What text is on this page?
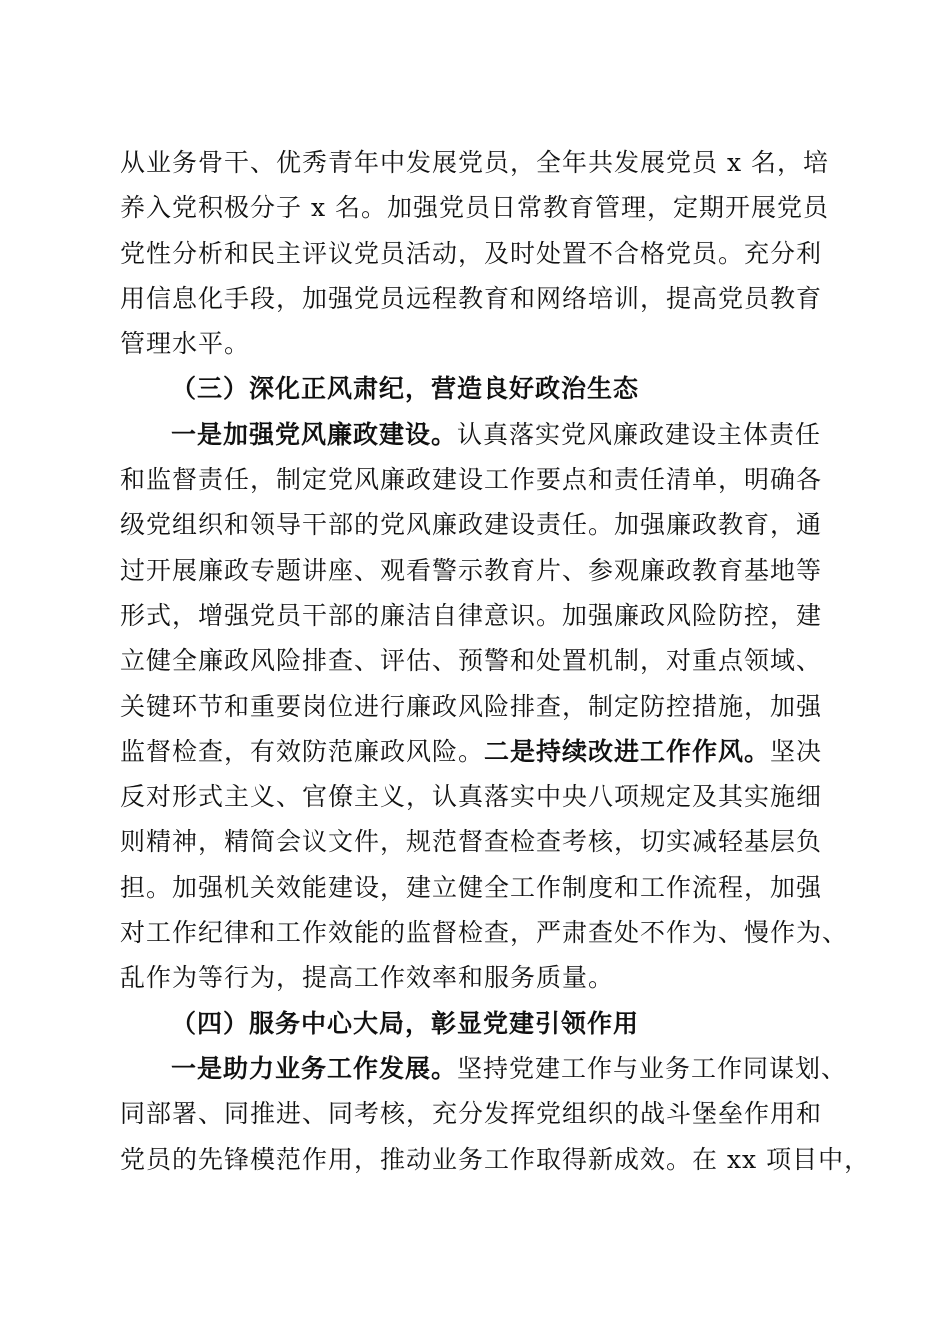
从业务骨干、优秀青年中发展党员，全年共发展党员 x 名，培
养入党积极分子 x 名。加强党员日常教育管理，定期开展党员
党性分析和民主评议党员活动，及时处置不合格党员。充分利
用信息化手段，加强党员远程教育和网络培训，提高党员教育
管理水平。
（三）深化正风肃纪，营造良好政治生态
一是加强党风廉政建设。认真落实党风廉政建设主体责任
和监督责任，制定党风廉政建设工作要点和责任清单，明确各
级党组织和领导干部的党风廉政建设责任。加强廉政教育，通
过开展廉政专题讲座、观看警示教育片、参观廉政教育基地等
形式，增强党员干部的廉洁自律意识。加强廉政风险防控，建
立健全廉政风险排查、评估、预警和处置机制，对重点领域、
关键环节和重要岗位进行廉政风险排查，制定防控措施，加强
监督检查，有效防范廉政风险。二是持续改进工作作风。坚决
反对形式主义、官僚主义，认真落实中央八项规定及其实施细
则精神，精简会议文件，规范督查检查考核，切实减轻基层负
担。加强机关效能建设，建立健全工作制度和工作流程，加强
对工作纪律和工作效能的监督检查，严肃查处不作为、慢作为、
乱作为等行为，提高工作效率和服务质量。
（四）服务中心大局，彰显党建引领作用
一是助力业务工作发展。坚持党建工作与业务工作同谋划、
同部署、同推进、同考核，充分发挥党组织的战斗堡垒作用和
党员的先锋模范作用，推动业务工作取得新成效。在 xx 项目中，
